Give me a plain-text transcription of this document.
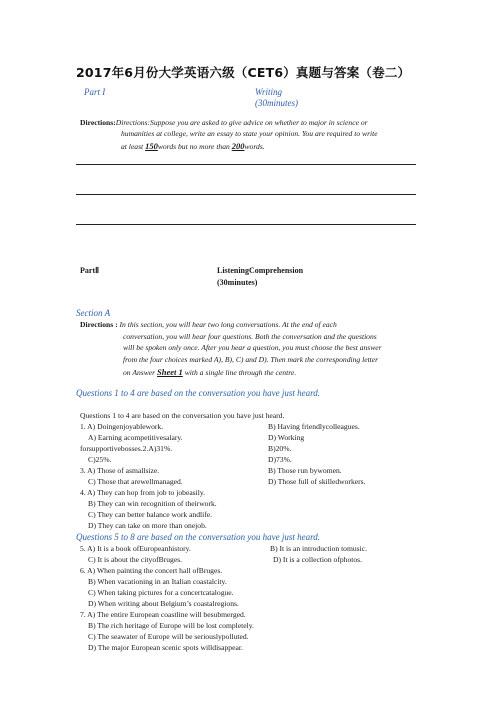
2017年6月份大学英语六级（CET6）真题与答案（卷二）
Part I	Writing
(30minutes)
Directions:Directions:Suppose you are asked to give advice on whether to major in science or
humanities at college, write an essay to state your opinion. You are required to write
at least 150words but no more than 200words.
PartⅡ	ListeningComprehension
(30minutes)
Section A
Directions : In this section, you will hear two long conversations. At the end of each
conversation, you will hear four questions. Both the conversation and the questions
will be spoken only once. After you hear a question, you must choose the best answer
from the four choices marked A), B), C) and D). Then mark the corresponding letter
on Answer Sheet 1 with a single line through the centre.
Questions 1 to 4 are based on the conversation you have just heard.
Questions 1 to 4 are based on the conversation you have just heard.
1. A) Doingenjoyablework.	B) Having friendlycolleagues.
A) Earning acompetitivesalary.	D) Working
forsupportivebosses.2.A)31%.	B)20%.
C)25%.	D)73%.
3. A) Those of asmallsize.	B) Those run bywomen.
C) Those that arewellmanaged.	D) Those full of skilledworkers.
4. A) They can hop from job to jobeasily.
B) They can win recognition of theirwork.
C) They can better balance work andlife.
D) They can take on more than onejob.
Questions 5 to 8 are based on the conversation you have just heard.
5. A) It is a book ofEuropeanhistory.	B) It is an introduction tomusic.
C) It is about the cityofBruges.	D) It is a collection ofphotos.
6. A) When painting the concert hall ofBruges.
B) When vacationing in an Italian coastalcity.
C) When taking pictures for a concertcatalogue.
D) When writing about Belgium’s coastalregions.
7. A) The entire European coastline will besubmerged.
B) The rich heritage of Europe will be lost completely.
C) The seawater of Europe will be seriouslypolluted.
D) The major European scenic spots willdisappear.
